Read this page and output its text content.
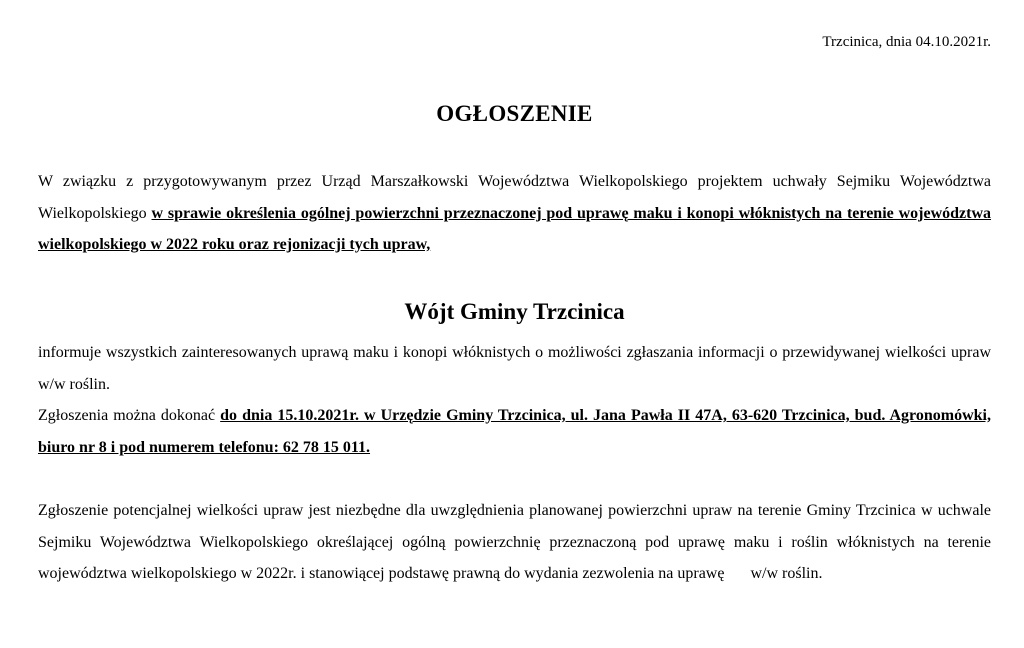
Trzcinica, dnia 04.10.2021r.
OGŁOSZENIE
W związku z przygotowywanym przez Urząd Marszałkowski Województwa Wielkopolskiego projektem uchwały Sejmiku Województwa Wielkopolskiego w sprawie określenia ogólnej powierzchni przeznaczonej pod uprawę maku i konopi włóknistych na terenie województwa wielkopolskiego w 2022 roku oraz rejonizacji tych upraw,
Wójt Gminy Trzcinica
informuje wszystkich zainteresowanych uprawą maku i konopi włóknistych o możliwości zgłaszania informacji o przewidywanej wielkości upraw w/w roślin.
Zgłoszenia można dokonać do dnia 15.10.2021r. w Urzędzie Gminy Trzcinica, ul. Jana Pawła II 47A, 63-620 Trzcinica, bud. Agronomówki, biuro nr 8 i pod numerem telefonu: 62 78 15 011.
Zgłoszenie potencjalnej wielkości upraw jest niezbędne dla uwzględnienia planowanej powierzchni upraw na terenie Gminy Trzcinica w uchwale Sejmiku Województwa Wielkopolskiego określającej ogólną powierzchnię przeznaczoną pod uprawę maku i roślin włóknistych na terenie województwa wielkopolskiego w 2022r. i stanowiącej podstawę prawną do wydania zezwolenia na uprawę w/w roślin.
